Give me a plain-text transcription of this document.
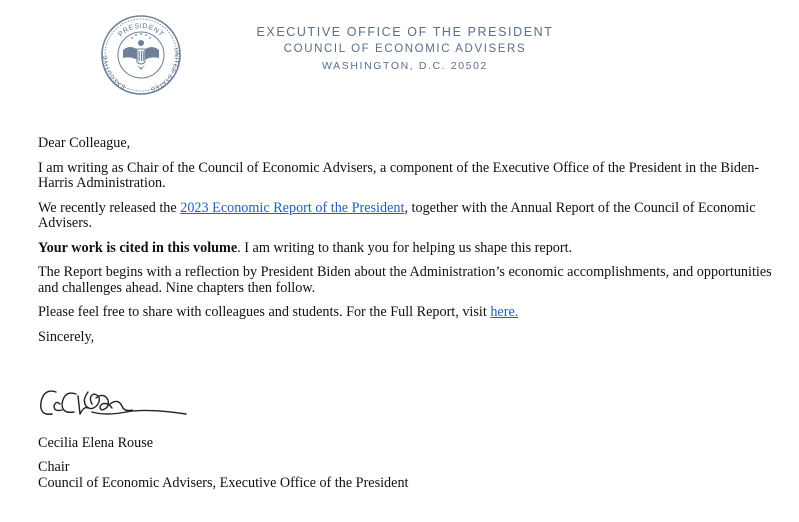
PRESIDENT
EXECUTIVE
UNITED STATES
EXECUTIVE OFFICE OF THE PRESIDENT
COUNCIL OF ECONOMIC ADVISERS
WASHINGTON, D.C. 20502

Dear Colleague,

I am writing as Chair of the Council of Economic Advisers, a component of the Executive Office of the President in the Biden-Harris Administration.

We recently released the 2023 Economic Report of the President, together with the Annual Report of the Council of Economic Advisers.

Your work is cited in this volume. I am writing to thank you for helping us shape this report.

The Report begins with a reflection by President Biden about the Administration’s economic accomplishments, and opportunities and challenges ahead. Nine chapters then follow.

Please feel free to share with colleagues and students. For the Full Report, visit here.

Sincerely,

Cecilia Elena Rouse
Chair
Council of Economic Advisers, Executive Office of the President
